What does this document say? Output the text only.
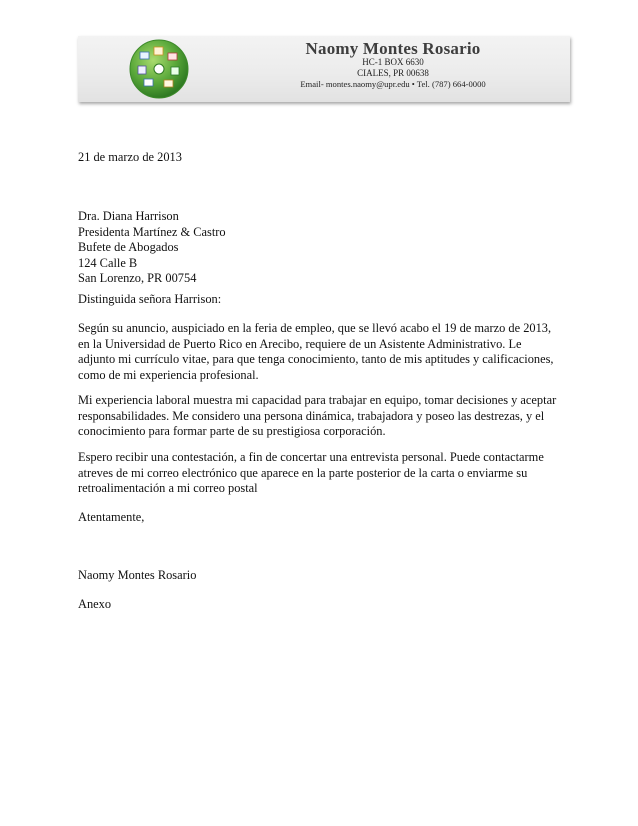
Naomy Montes Rosario
HC-1 BOX 6630
CIALES, PR 00638
Email- montes.naomy@upr.edu • Tel. (787) 664-0000
21 de marzo de 2013
Dra. Diana Harrison
Presidenta Martínez & Castro
Bufete de Abogados
124 Calle B
San Lorenzo, PR 00754
Distinguida señora Harrison:
Según su anuncio, auspiciado en la feria de empleo, que se llevó acabo el 19 de marzo de 2013,
en la Universidad de Puerto Rico en Arecibo, requiere de un Asistente Administrativo. Le
adjunto mi currículo vitae, para que tenga conocimiento, tanto de mis aptitudes y calificaciones,
como de mi experiencia profesional.
Mi experiencia laboral muestra mi capacidad para trabajar en equipo, tomar decisiones y aceptar
responsabilidades. Me considero una persona dinámica, trabajadora y poseo las destrezas, y el
conocimiento para formar parte de su prestigiosa corporación.
Espero recibir una contestación, a fin de concertar una entrevista personal. Puede contactarme
atreves de mi correo electrónico que aparece en la parte posterior de la carta o enviarme su
retroalimentación a mi correo postal
Atentamente,
Naomy Montes Rosario
Anexo
